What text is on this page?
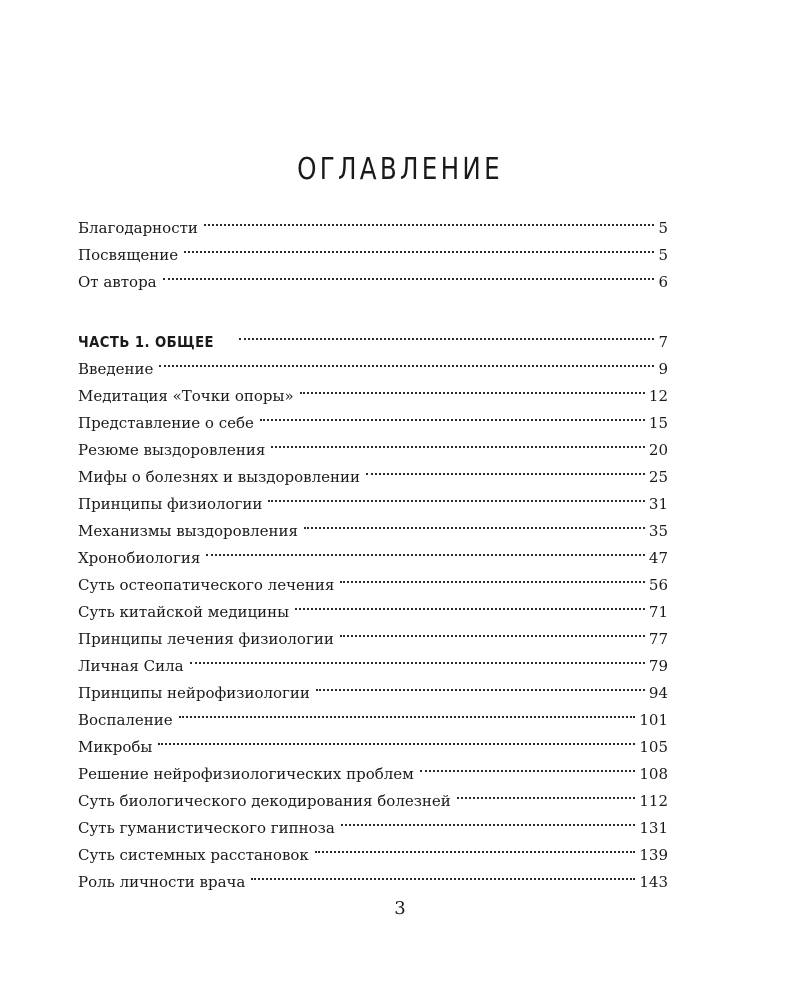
ОГЛАВЛЕНИЕ
Благодарности	5
Посвящение	5
От автора	6
ЧАСТЬ 1. ОБЩЕЕ	7
Введение	9
Медитация «Точки опоры»	12
Представление о себе	15
Резюме выздоровления	20
Мифы о болезнях и выздоровлении	25
Принципы физиологии	31
Механизмы выздоровления	35
Хронобиология	47
Суть остеопатического лечения	56
Суть китайской медицины	71
Принципы лечения физиологии	77
Личная Сила	79
Принципы нейрофизиологии	94
Воспаление	101
Микробы	105
Решение нейрофизиологических проблем	108
Суть биологического декодирования болезней	112
Суть гуманистического гипноза	131
Суть системных расстановок	139
Роль личности врача	143
3
